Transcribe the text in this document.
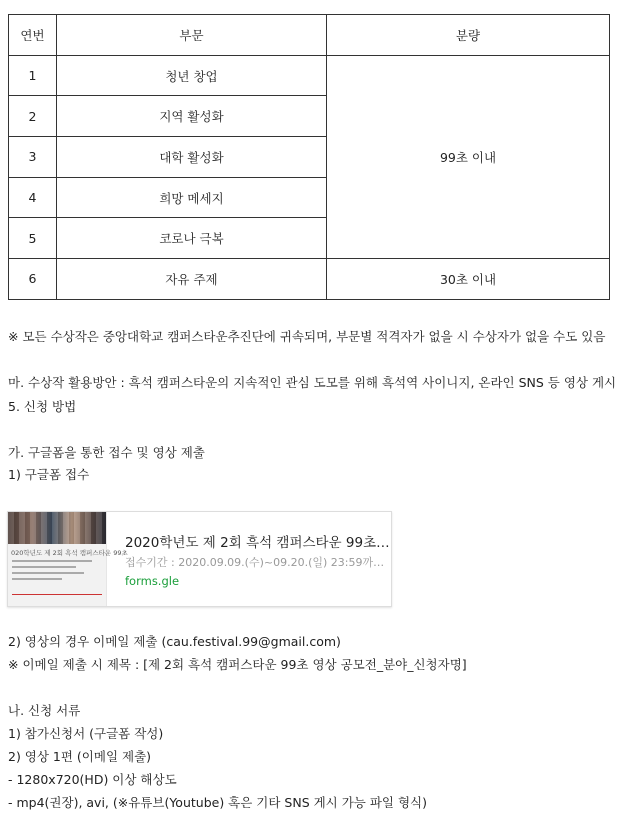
연번	부문	분량
1	청년 창업	99초 이내
2	지역 활성화	
3	대학 활성화	
4	희망 메세지	
5	코로나 극복	
6	자유 주제	30초 이내
※ 모든 수상작은 중앙대학교 캠퍼스타운추진단에 귀속되며, 부문별 적격자가 없을 시 수상자가 없을 수도 있음
마. 수상작 활용방안 : 흑석 캠퍼스타운의 지속적인 관심 도모를 위해 흑석역 사이니지, 온라인 SNS 등 영상 게시
5. 신청 방법
가. 구글폼을 통한 접수 및 영상 제출
1) 구글폼 접수
020학년도 제 2회 흑석 캠퍼스타운 99초
2020학년도 제 2회 흑석 캠퍼스타운 99초…
접수기간 : 2020.09.09.(수)~09.20.(일) 23:59까…
forms.gle
2) 영상의 경우 이메일 제출 (cau.festival.99@gmail.com)
※ 이메일 제출 시 제목 : [제 2회 흑석 캠퍼스타운 99초 영상 공모전_분야_신청자명]
나. 신청 서류
1) 참가신청서 (구글폼 작성)
2) 영상 1편 (이메일 제출)
- 1280x720(HD) 이상 해상도
- mp4(권장), avi, (※유튜브(Youtube) 혹은 기타 SNS 게시 가능 파일 형식)
